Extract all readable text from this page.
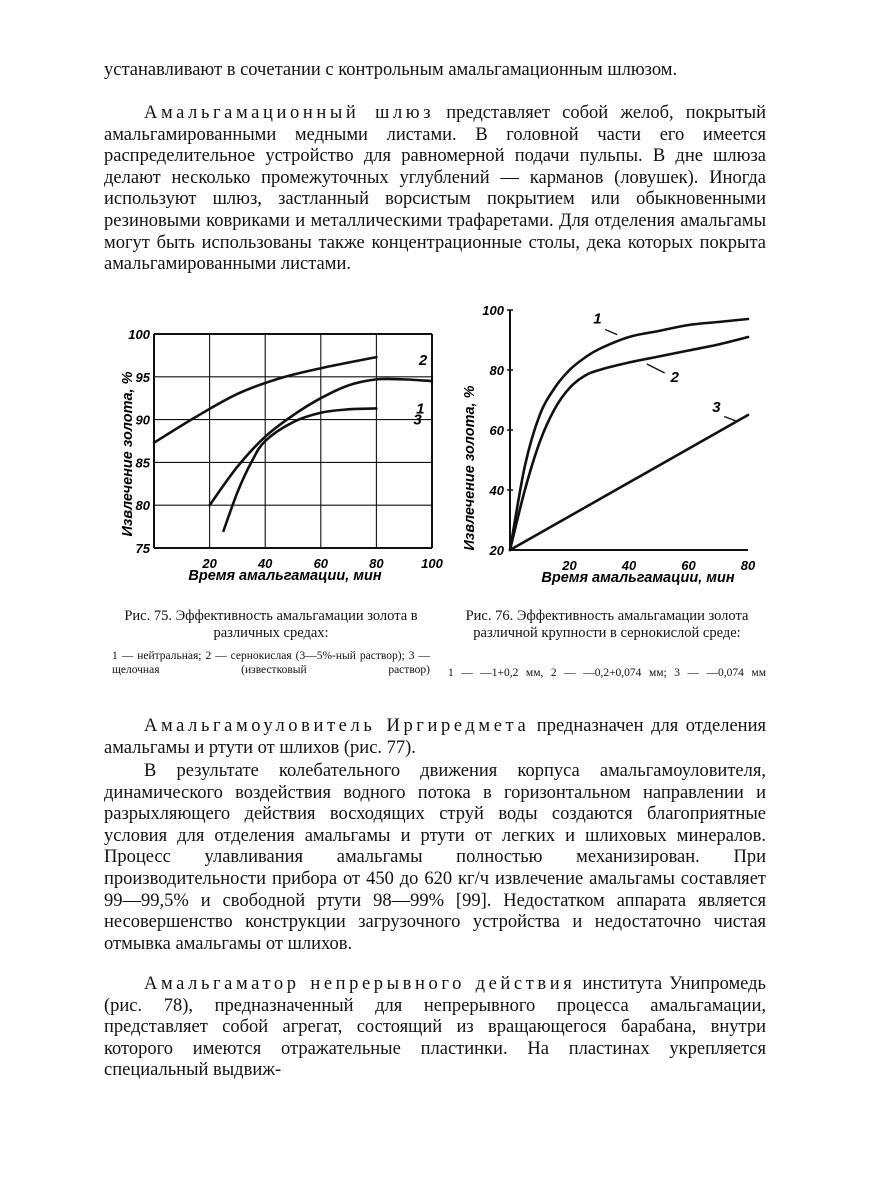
устанавливают в сочетании с контрольным амальгамационным шлюзом.

Амальгамационный шлюз представляет собой желоб, покрытый амальгамированными медными листами. В головной части его имеется распределительное устройство для равномерной подачи пульпы. В дне шлюза делают несколько промежуточных углублений — карманов (ловушек). Иногда используют шлюз, застланный ворсистым покрытием или обыкновенными резиновыми ковриками и металлическими трафаретами. Для отделения амальгамы могут быть использованы также концентрационные столы, дека которых покрыта амальгамированными листами.

75
80
85
90
95
100
20	40	60	80	100
1
2
3
Извлечение золота, %
Время амальгамации, мин
20
40
60
80
100
20	40	60	80
1
2
3
Извлечение золота, %
Время амальгамации, мин

Рис. 75. Эффективность амальгамации золота в различных средах:

1 — нейтральная; 2 — сернокислая (3—5%-ный раствор); 3 — щелочная (известковый раствор)

Рис. 76. Эффективность амальгамации золота различной крупности в сернокислой среде:

1 — —1+0,2 мм, 2 — —0,2+0,074 мм; 3 — —0,074 мм

Амальгамоуловитель Иргиредмета предназначен для отделения амальгамы и ртути от шлихов (рис. 77).

В результате колебательного движения корпуса амальгамоуловителя, динамического воздействия водного потока в горизонтальном направлении и разрыхляющего действия восходящих струй воды создаются благоприятные условия для отделения амальгамы и ртути от легких и шлиховых минералов. Процесс улавливания амальгамы полностью механизирован. При производительности прибора от 450 до 620 кг/ч извлечение амальгамы составляет 99—99,5% и свободной ртути 98—99% [99]. Недостатком аппарата является несовершенство конструкции загрузочного устройства и недостаточно чистая отмывка амальгамы от шлихов.

Амальгаматор непрерывного действия института Унипромедь (рис. 78), предназначенный для непрерывного процесса амальгамации, представляет собой агрегат, состоящий из вращающегося барабана, внутри которого имеются отражательные пластинки. На пластинах укрепляется специальный выдвиж-
